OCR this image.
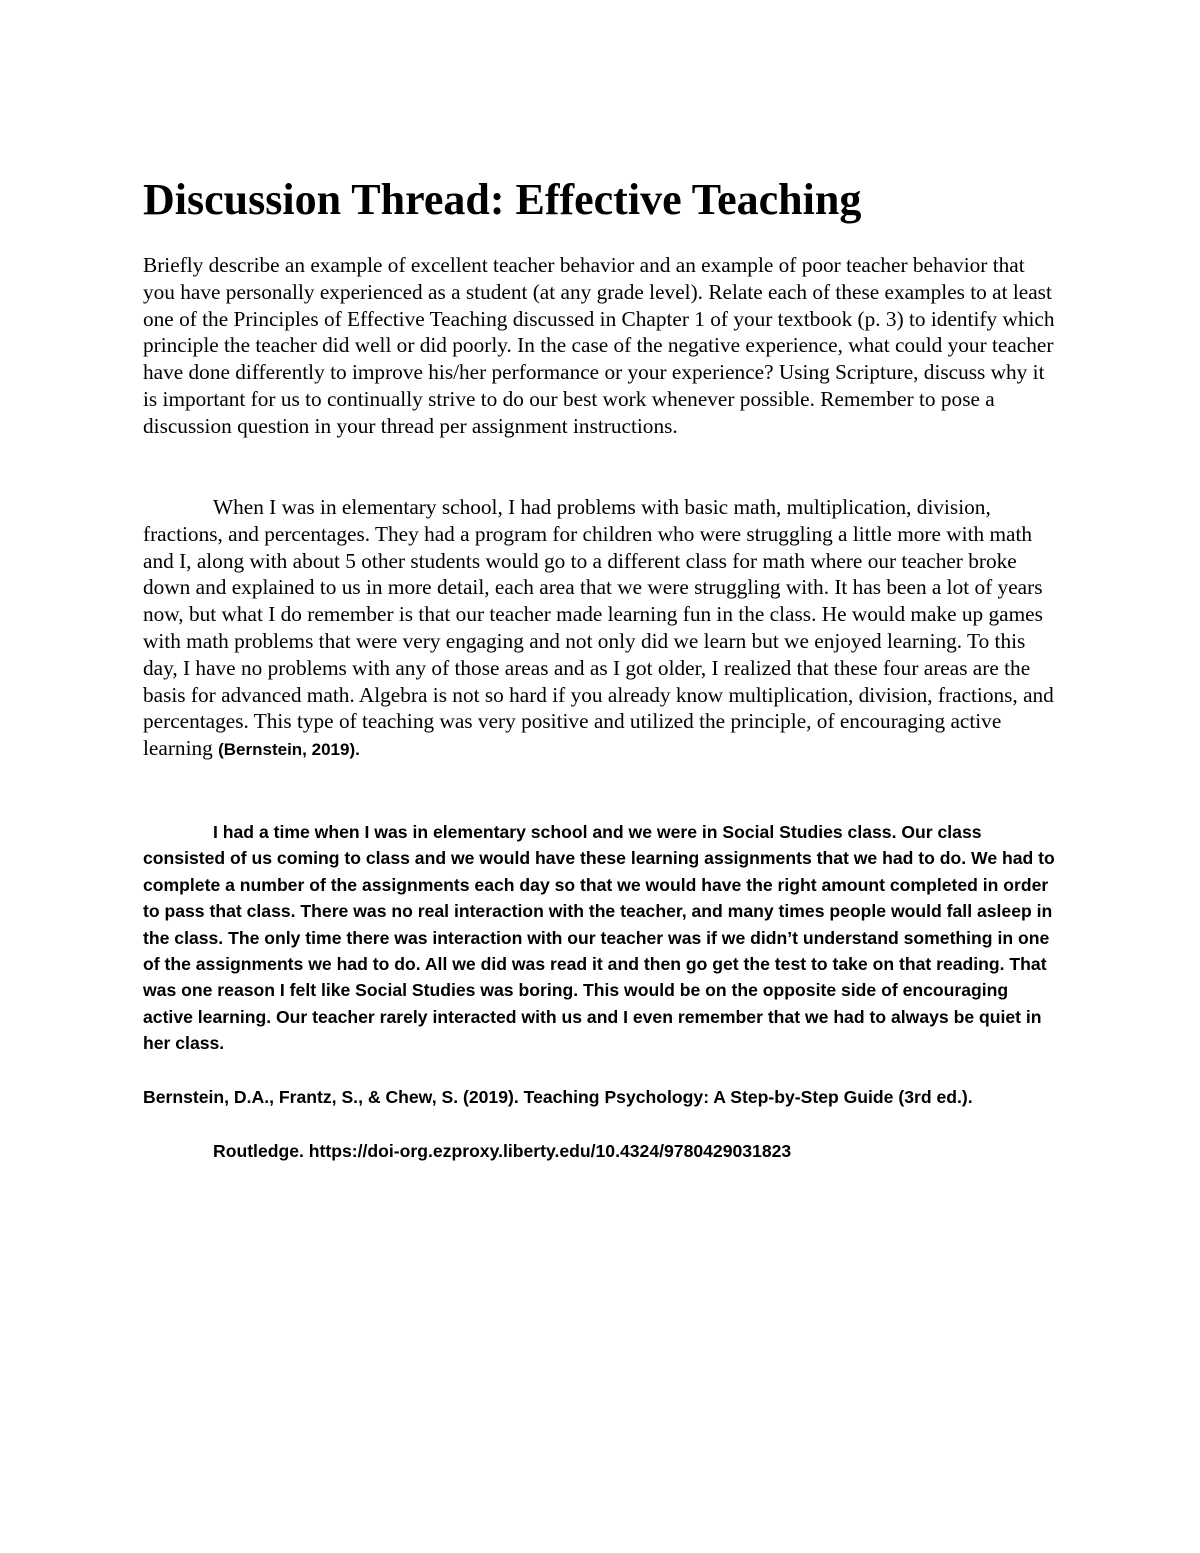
Discussion Thread: Effective Teaching

Briefly describe an example of excellent teacher behavior and an example of poor teacher behavior that you have personally experienced as a student (at any grade level). Relate each of these examples to at least one of the Principles of Effective Teaching discussed in Chapter 1 of your textbook (p. 3) to identify which principle the teacher did well or did poorly. In the case of the negative experience, what could your teacher have done differently to improve his/her performance or your experience? Using Scripture, discuss why it is important for us to continually strive to do our best work whenever possible. Remember to pose a discussion question in your thread per assignment instructions.

When I was in elementary school, I had problems with basic math, multiplication, division, fractions, and percentages. They had a program for children who were struggling a little more with math and I, along with about 5 other students would go to a different class for math where our teacher broke down and explained to us in more detail, each area that we were struggling with. It has been a lot of years now, but what I do remember is that our teacher made learning fun in the class. He would make up games with math problems that were very engaging and not only did we learn but we enjoyed learning. To this day, I have no problems with any of those areas and as I got older, I realized that these four areas are the basis for advanced math. Algebra is not so hard if you already know multiplication, division, fractions, and percentages. This type of teaching was very positive and utilized the principle, of encouraging active learning (Bernstein, 2019).

I had a time when I was in elementary school and we were in Social Studies class. Our class consisted of us coming to class and we would have these learning assignments that we had to do. We had to complete a number of the assignments each day so that we would have the right amount completed in order to pass that class. There was no real interaction with the teacher, and many times people would fall asleep in the class. The only time there was interaction with our teacher was if we didn’t understand something in one of the assignments we had to do. All we did was read it and then go get the test to take on that reading. That was one reason I felt like Social Studies was boring. This would be on the opposite side of encouraging active learning. Our teacher rarely interacted with us and I even remember that we had to always be quiet in her class.

Bernstein, D.A., Frantz, S., & Chew, S. (2019). Teaching Psychology: A Step-by-Step Guide (3rd ed.).

Routledge. https://doi-org.ezproxy.liberty.edu/10.4324/9780429031823
